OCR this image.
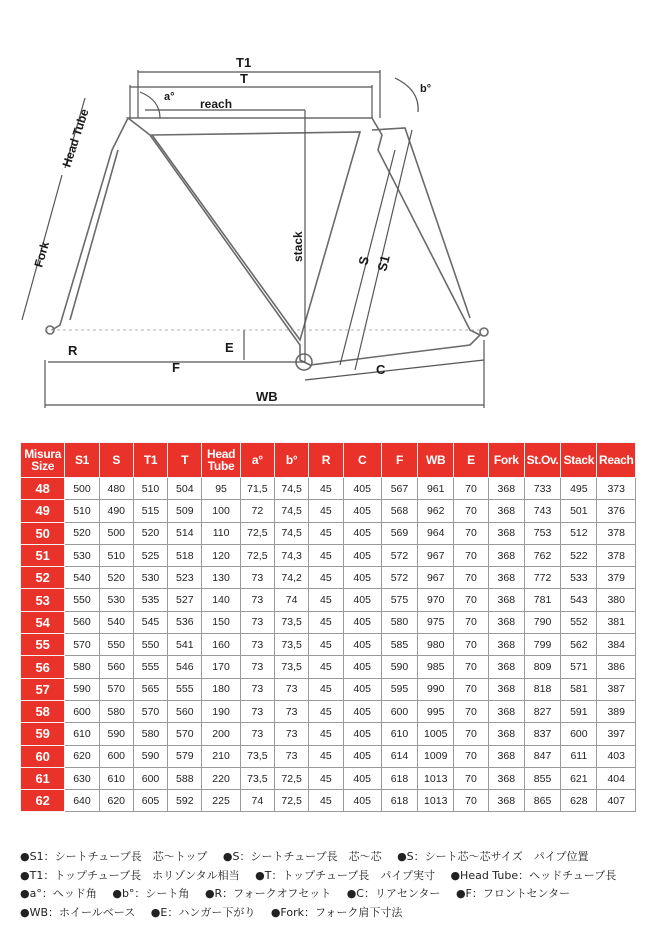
T1
T
a°
b°
reach
Head Tube
Fork	stack	S S1
E
R
F	C
WB
Misura Size	S1	S	T1	T	Head Tube	a°	b°	R	C	F	WB	E	Fork	St.Ov.	Stack	Reach
48	500	480	510	504	95	71,5	74,5	45	405	567	961	70	368	733	495	373
49	510	490	515	509	100	72	74,5	45	405	568	962	70	368	743	501	376
50	520	500	520	514	110	72,5	74,5	45	405	569	964	70	368	753	512	378
51	530	510	525	518	120	72,5	74,3	45	405	572	967	70	368	762	522	378
52	540	520	530	523	130	73	74,2	45	405	572	967	70	368	772	533	379
53	550	530	535	527	140	73	74	45	405	575	970	70	368	781	543	380
54	560	540	545	536	150	73	73,5	45	405	580	975	70	368	790	552	381
55	570	550	550	541	160	73	73,5	45	405	585	980	70	368	799	562	384
56	580	560	555	546	170	73	73,5	45	405	590	985	70	368	809	571	386
57	590	570	565	555	180	73	73	45	405	595	990	70	368	818	581	387
58	600	580	570	560	190	73	73	45	405	600	995	70	368	827	591	389
59	610	590	580	570	200	73	73	45	405	610	1005	70	368	837	600	397
60	620	600	590	579	210	73,5	73	45	405	614	1009	70	368	847	611	403
61	630	610	600	588	220	73,5	72,5	45	405	618	1013	70	368	855	621	404
62	640	620	605	592	225	74	72,5	45	405	618	1013	70	368	865	628	407
●S1：シートチューブ長　芯〜トップ ●S：シートチューブ長　芯〜芯 ●S：シート芯〜芯サイズ　パイプ位置 ●T1：トップチューブ長　ホリゾンタル相当 ●T：トップチューブ長　パイプ実寸 ●Head Tube：ヘッドチューブ長 ●a°：ヘッド角 ●b°：シート角 ●R：フォークオフセット ●C：リアセンター ●F：フロントセンター ●WB：ホイールベース ●E：ハンガー下がり ●Fork：フォーク肩下寸法
